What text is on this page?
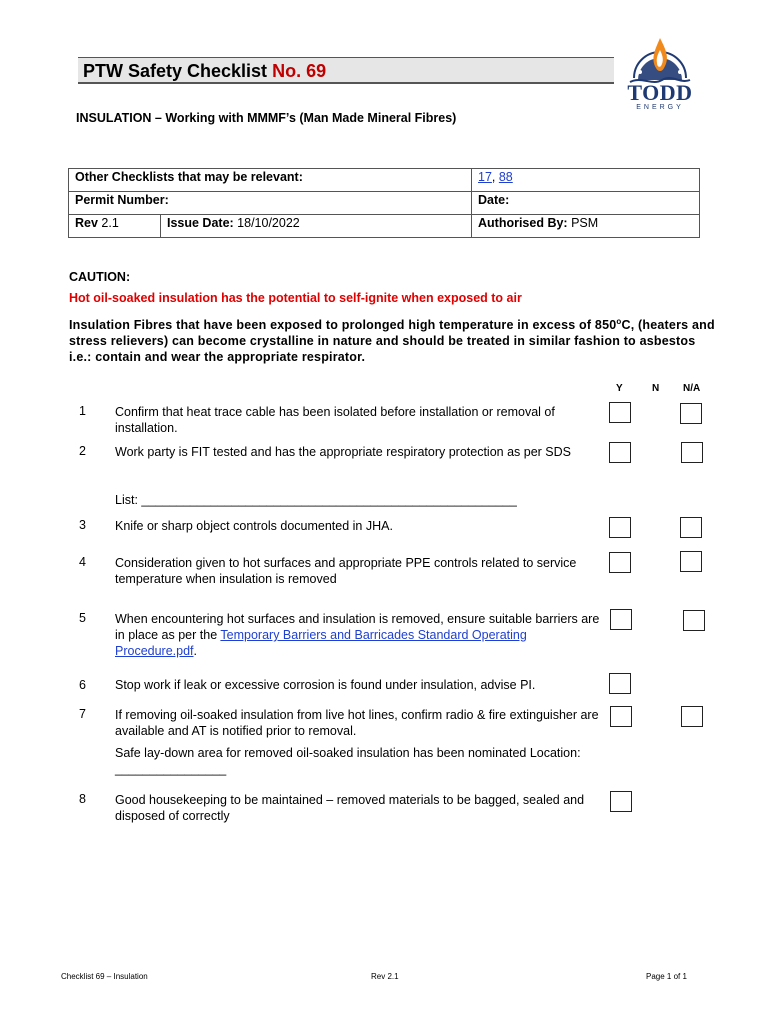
PTW Safety Checklist No. 69
TODD
ENERGY
INSULATION – Working with MMMF’s (Man Made Mineral Fibres)
Other Checklists that may be relevant:		17, 88
Permit Number:		Date:
Rev 2.1	Issue Date: 18/10/2022	Authorised By: PSM
CAUTION:
Hot oil-soaked insulation has the potential to self-ignite when exposed to air
Insulation Fibres that have been exposed to prolonged high temperature in excess of 850$^o$C, (heaters and stress relievers) can become crystalline in nature and should be treated in similar fashion to asbestos i.e.: contain and wear the appropriate respirator.
Y	N N/A
1 Confirm that heat trace cable has been isolated before installation or removal of installation.
2 Work party is FIT tested and has the appropriate respiratory protection as per SDS
List: ______________________________________________________
3 Knife or sharp object controls documented in JHA.
4 Consideration given to hot surfaces and appropriate PPE controls related to service temperature when insulation is removed
5 When encountering hot surfaces and insulation is removed, ensure suitable barriers are in place as per the Temporary Barriers and Barricades Standard Operating Procedure.pdf.
6 Stop work if leak or excessive corrosion is found under insulation, advise PI.
7 If removing oil-soaked insulation from live hot lines, confirm radio & fire extinguisher are available and AT is notified prior to removal.
Safe lay-down area for removed oil-soaked insulation has been nominated Location: ________________
8 Good housekeeping to be maintained – removed materials to be bagged, sealed and disposed of correctly
Checklist 69 – Insulation	Rev 2.1	Page 1 of 1
